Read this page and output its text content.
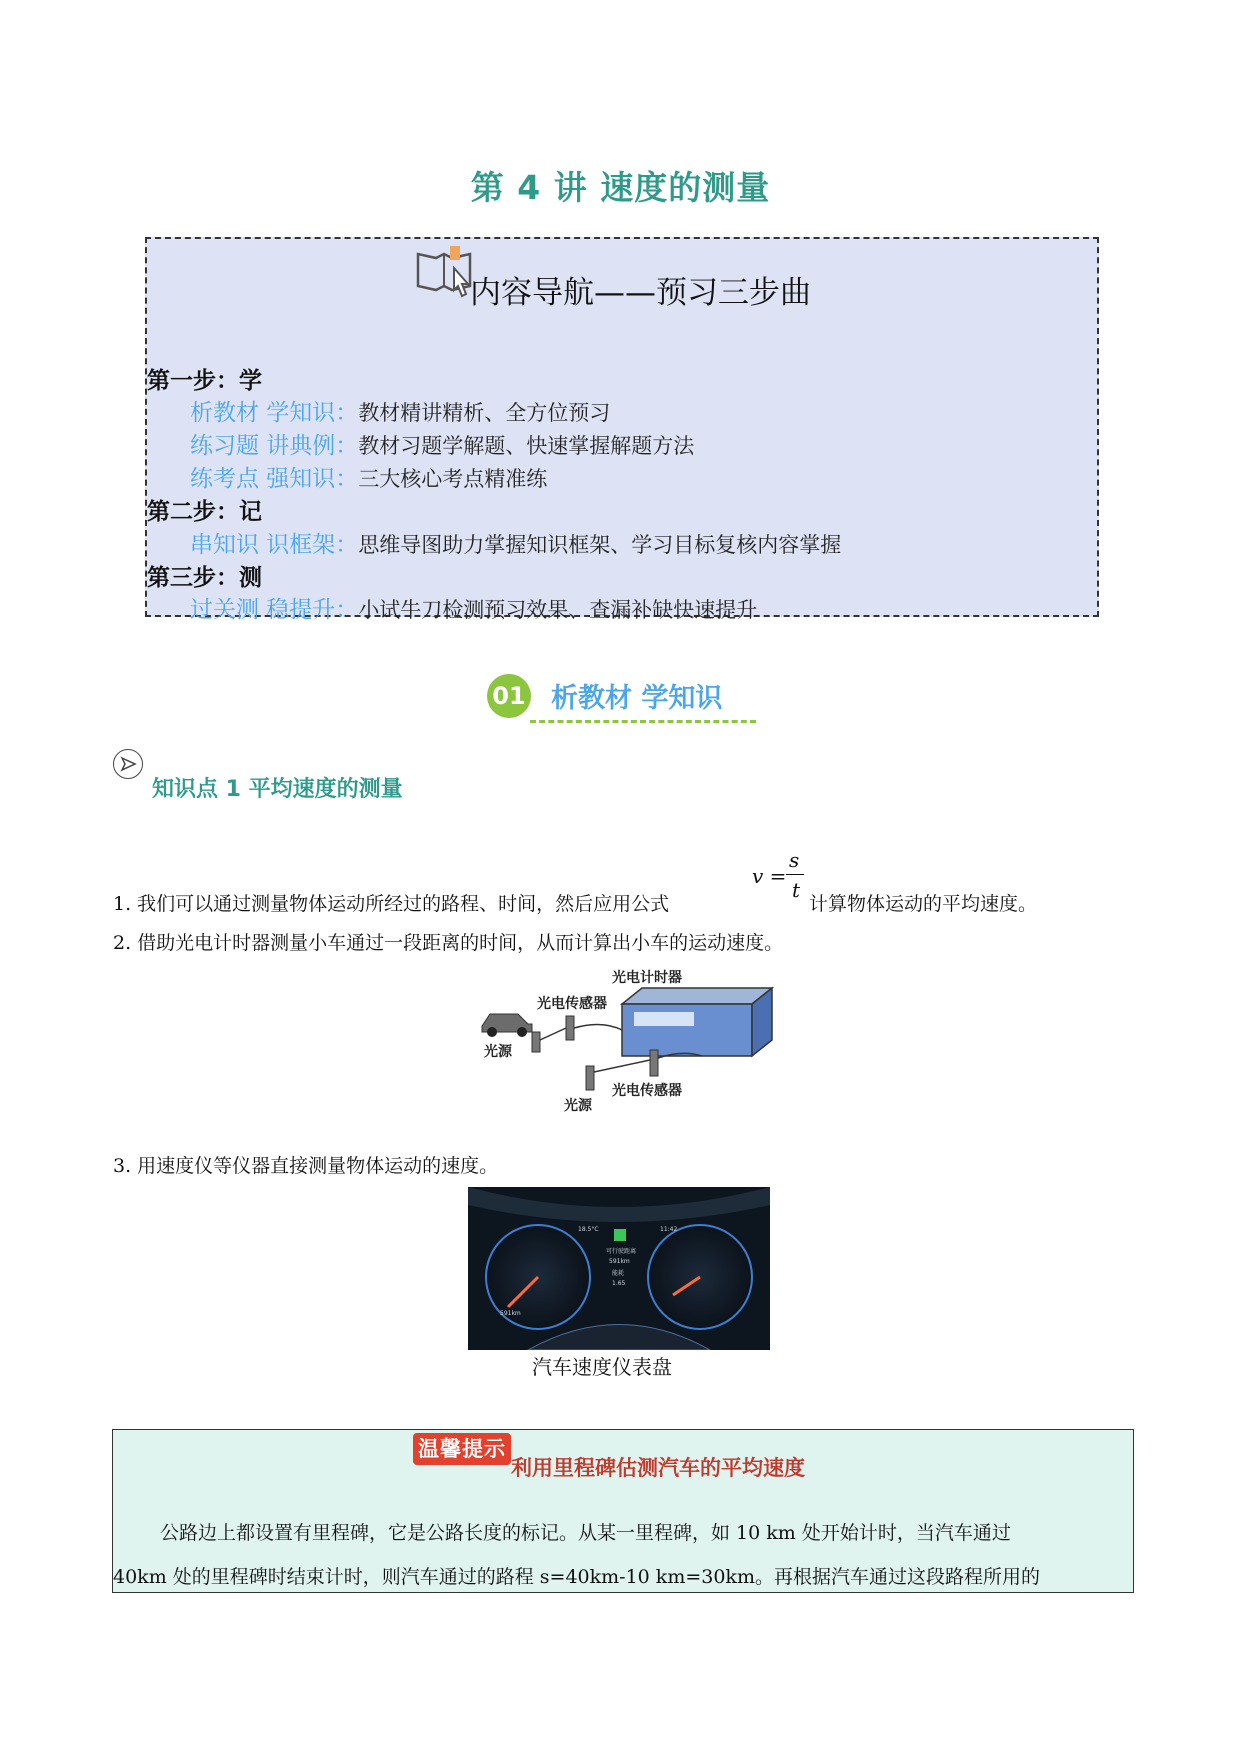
第 4 讲 速度的测量
内容导航——预习三步曲
第一步：学
析教材 学知识：教材精讲精析、全方位预习
练习题 讲典例：教材习题学解题、快速掌握解题方法
练考点 强知识：三大核心考点精准练
第二步：记
串知识 识框架：思维导图助力掌握知识框架、学习目标复核内容掌握
第三步：测
过关测 稳提升：小试牛刀检测预习效果、查漏补缺快速提升
01 析教材 学知识
知识点 1 平均速度的测量
1. 我们可以通过测量物体运动所经过的路程、时间，然后应用公式
v =
s
t
计算物体运动的平均速度。
2. 借助光电计时器测量小车通过一段距离的时间，从而计算出小车的运动速度。
光电计时器
光电传感器
光源
光电传感器
光源
3. 用速度仪等仪器直接测量物体运动的速度。
18.5°C	11:42
可行驶距离
591km
能耗
1.65
591km
汽车速度仪表盘
温馨提示
利用里程碑估测汽车的平均速度
公路边上都设置有里程碑，它是公路长度的标记。从某一里程碑，如 10 km 处开始计时，当汽车通过
40km 处的里程碑时结束计时，则汽车通过的路程 s=40km-10 km=30km。再根据汽车通过这段路程所用的
